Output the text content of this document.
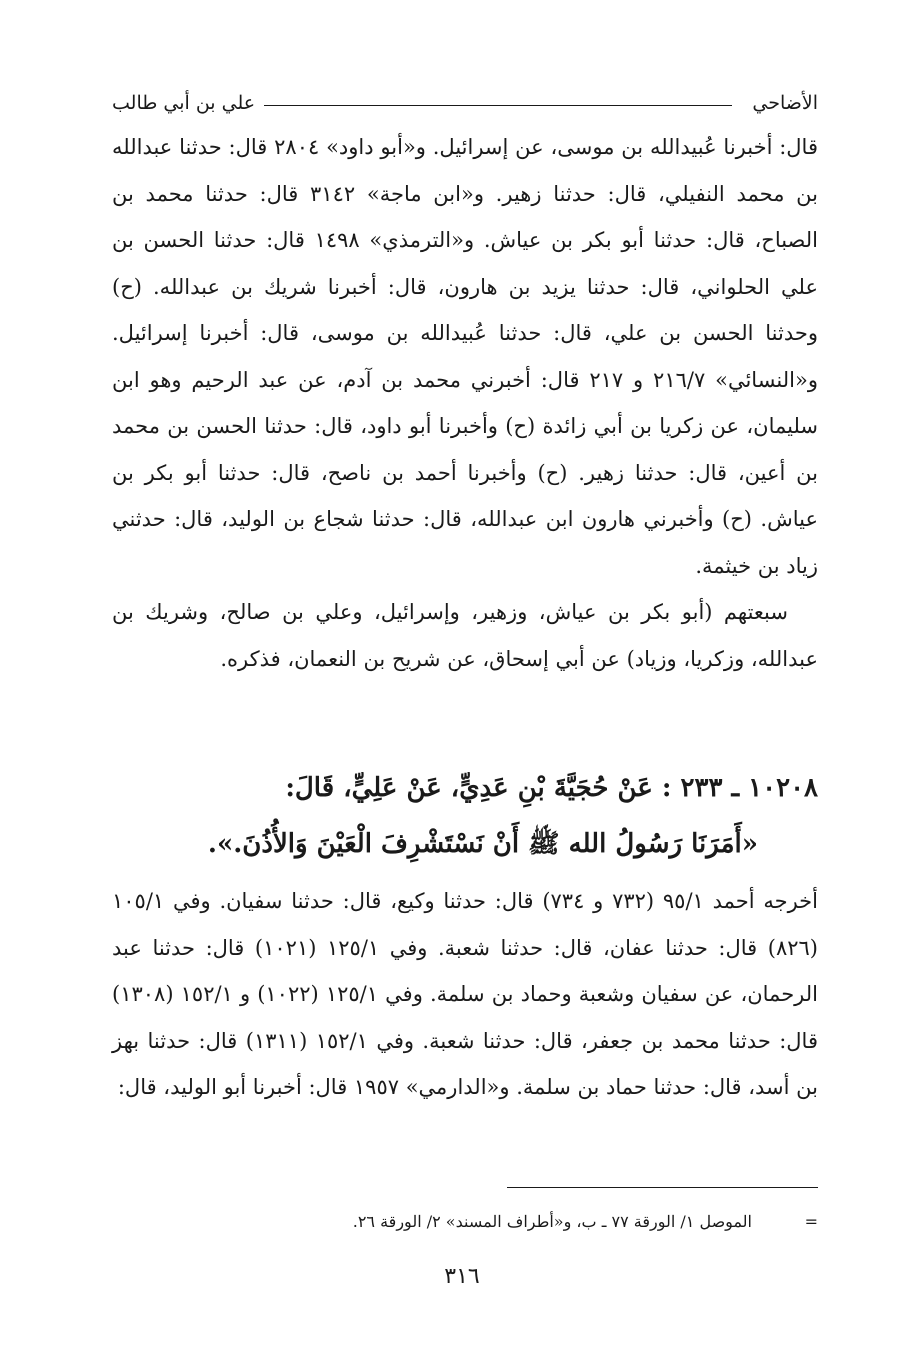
الأضاحي
علي بن أبي طالب

قال: أخبرنا عُبيدالله بن موسى، عن إسرائيل. و«أبو داود» ٢٨٠٤ قال: حدثنا عبدالله بن محمد النفيلي، قال: حدثنا زهير. و«ابن ماجة» ٣١٤٢ قال: حدثنا محمد بن الصباح، قال: حدثنا أبو بكر بن عياش. و«الترمذي» ١٤٩٨ قال: حدثنا الحسن بن علي الحلواني، قال: حدثنا يزيد بن هارون، قال: أخبرنا شريك بن عبدالله. (ح) وحدثنا الحسن بن علي، قال: حدثنا عُبيدالله بن موسى، قال: أخبرنا إسرائيل. و«النسائي» ٢١٦/٧ و ٢١٧ قال: أخبرني محمد بن آدم، عن عبد الرحيم وهو ابن سليمان، عن زكريا بن أبي زائدة (ح) وأخبرنا أبو داود، قال: حدثنا الحسن بن محمد بن أعين، قال: حدثنا زهير. (ح) وأخبرنا أحمد بن ناصح، قال: حدثنا أبو بكر بن عياش. (ح) وأخبرني هارون ابن عبدالله، قال: حدثنا شجاع بن الوليد، قال: حدثني زياد بن خيثمة.

سبعتهم (أبو بكر بن عياش، وزهير، وإسرائيل، وعلي بن صالح، وشريك بن عبدالله، وزكريا، وزياد) عن أبي إسحاق، عن شريح بن النعمان، فذكره.

١٠٢٠٨ ـ ٢٣٣ : عَنْ حُجَيَّةَ بْنِ عَدِيٍّ، عَنْ عَلِيٍّ، قَالَ:
«أَمَرَنَا رَسُولُ الله ﷺ أَنْ نَسْتَشْرِفَ الْعَيْنَ وَالأُذُنَ.».

أخرجه أحمد ٩٥/١ (٧٣٢ و ٧٣٤) قال: حدثنا وكيع، قال: حدثنا سفيان. وفي ١٠٥/١ (٨٢٦) قال: حدثنا عفان، قال: حدثنا شعبة. وفي ١٢٥/١ (١٠٢١) قال: حدثنا عبد الرحمان، عن سفيان وشعبة وحماد بن سلمة. وفي ١٢٥/١ (١٠٢٢) و ١٥٢/١ (١٣٠٨) قال: حدثنا محمد بن جعفر، قال: حدثنا شعبة. وفي ١٥٢/١ (١٣١١) قال: حدثنا بهز بن أسد، قال: حدثنا حماد بن سلمة. و«الدارمي» ١٩٥٧ قال: أخبرنا أبو الوليد، قال:

=
الموصل ١/ الورقة ٧٧ ـ ب، و«أطراف المسند» ٢/ الورقة ٢٦.
٣١٦
